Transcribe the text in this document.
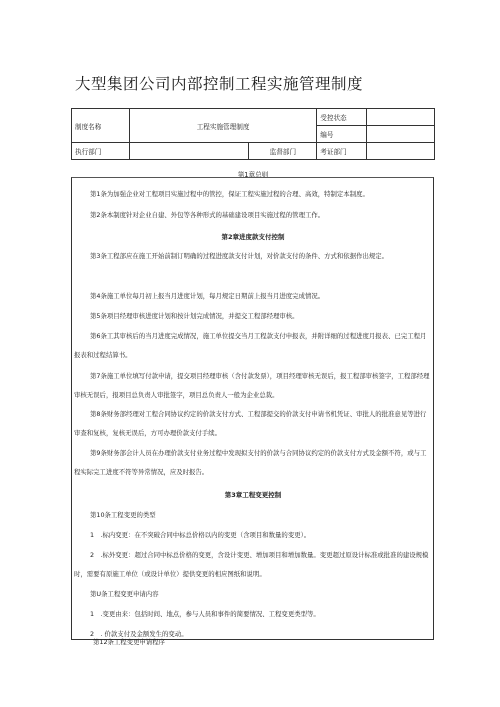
大型集团公司内部控制工程实施管理制度
制度名称	工程实施管理制度		受控状态	
			编号	
执行部门		监督部门	考证部门	
第1章总则
第1条为加强企业对工程项目实施过程中的管控，保证工程实施过程的合理、高效，特制定本制度。
第2条本制度针对企业自建、外包等各种形式的基础建设项目实施过程的管理工作。
第2章进度款支付控制
第3条工程部应在施工开始前制订明确的过程进度款支付计划，对价款支付的条件、方式和依据作出规定。
第4条施工单位每月初上报当月进度计划，每月规定日期前上报当月进度完成情况。
第5条项目经理审核进度计划和按计划完成情况，并提交工程部经理审核。
第6条工其审核后的当月进度完成情况，施工单位提交当月工程款支付申报表，并附详细的过程进度月报表、已完工程月报表和过程结算书。
第7条施工单位填写付款申请，提交项目经理审核（含付款发票），项目经理审核无误后，报工程部审核签字，工程部经理审核无误后，报项目总负责人审批签字，项目总负责人一般为企业总裁。
第8条财务部经理对工程合同协议约定的价款支付方式、工程部提交的价款支付申请书机凭证、审批人的批准意见等进行审查和复核，复核无误后，方可办理价款支付手续。
第9条财务部会计人员在办理价款支付业务过程中发现拟支付的价款与合同协议约定的价款支付方式及金额不符，或与工程实际完工进度不符等异常情况，应及时报告。
第3章工程变更控制
第10条工程变更的类型
1　.标内变更：在不突破合同中标总价格以内的变更（含项目和数量的变更）。
2　.标外变更：超过合同中标总价格的变更，含设计变更、增加项目和增加数量。变更超过原设计标准或批准的建设规模时，需要有原施工单位（或设计单位）提供变更的相应图纸和说明。
第U条工程变更申请内容
1　.变更由来：包括时间、地点，参与人员和事件的简要情况、工程变更类型等。
2　. 价款支付及金额发生的变动。
第12条工程变更申请程序
